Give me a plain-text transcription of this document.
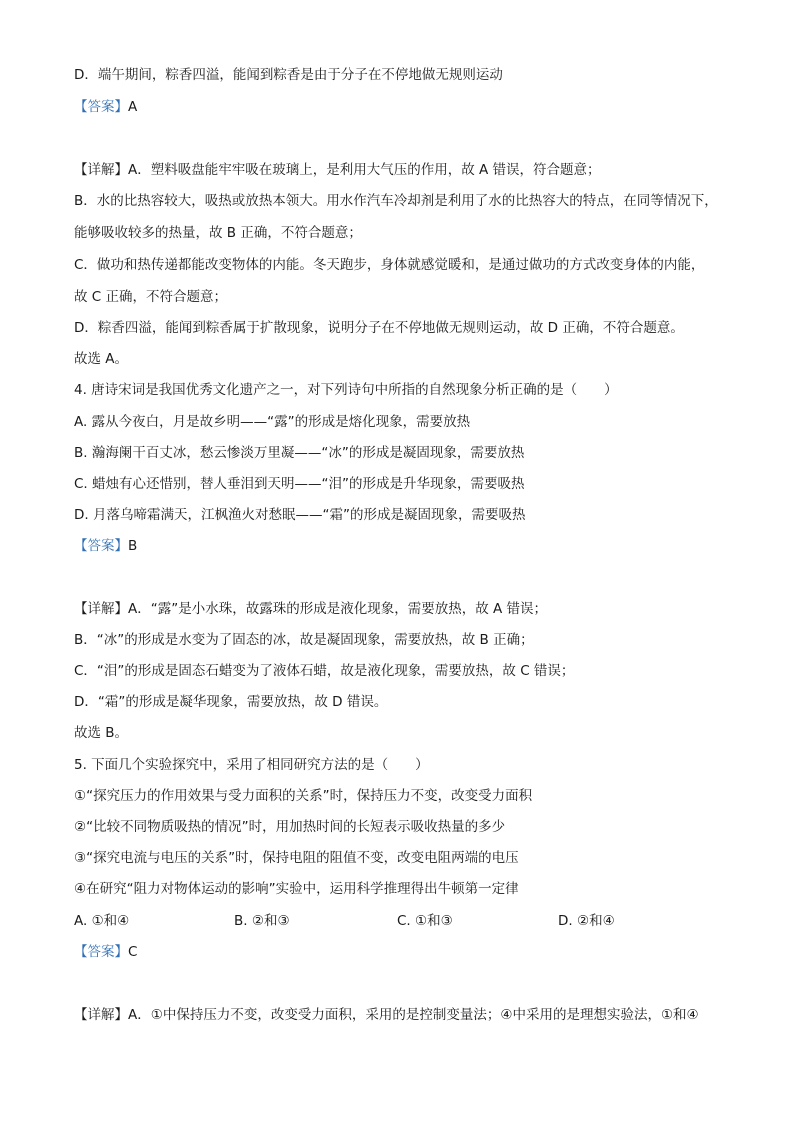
D．端午期间，粽香四溢，能闻到粽香是由于分子在不停地做无规则运动
【答案】A
【详解】A．塑料吸盘能牢牢吸在玻璃上，是利用大气压的作用，故 A 错误，符合题意；
B．水的比热容较大，吸热或放热本领大。用水作汽车冷却剂是利用了水的比热容大的特点，在同等情况下，
能够吸收较多的热量，故 B 正确，不符合题意；
C．做功和热传递都能改变物体的内能。冬天跑步，身体就感觉暖和，是通过做功的方式改变身体的内能，
故 C 正确，不符合题意；
D．粽香四溢，能闻到粽香属于扩散现象，说明分子在不停地做无规则运动，故 D 正确，不符合题意。
故选 A。
4. 唐诗宋词是我国优秀文化遗产之一，对下列诗句中所指的自然现象分析正确的是（　　）
A. 露从今夜白，月是故乡明——“露”的形成是熔化现象，需要放热
B. 瀚海阑干百丈冰，愁云惨淡万里凝——“冰”的形成是凝固现象，需要放热
C. 蜡烛有心还惜别，替人垂泪到天明——“泪”的形成是升华现象，需要吸热
D. 月落乌啼霜满天，江枫渔火对愁眠——“霜”的形成是凝固现象，需要吸热
【答案】B
【详解】A．“露”是小水珠，故露珠的形成是液化现象，需要放热，故 A 错误；
B．“冰”的形成是水变为了固态的冰，故是凝固现象，需要放热，故 B 正确；
C．“泪”的形成是固态石蜡变为了液体石蜡，故是液化现象，需要放热，故 C 错误；
D．“霜”的形成是凝华现象，需要放热，故 D 错误。
故选 B。
5. 下面几个实验探究中，采用了相同研究方法的是（　　）
①“探究压力的作用效果与受力面积的关系”时，保持压力不变，改变受力面积
②“比较不同物质吸热的情况”时，用加热时间的长短表示吸收热量的多少
③“探究电流与电压的关系”时，保持电阻的阻值不变，改变电阻两端的电压
④在研究“阻力对物体运动的影响”实验中，运用科学推理得出牛顿第一定律
A. ①和④	B. ②和③	C. ①和③	D. ②和④
【答案】C
【详解】A．①中保持压力不变，改变受力面积，采用的是控制变量法；④中采用的是理想实验法，①和④
